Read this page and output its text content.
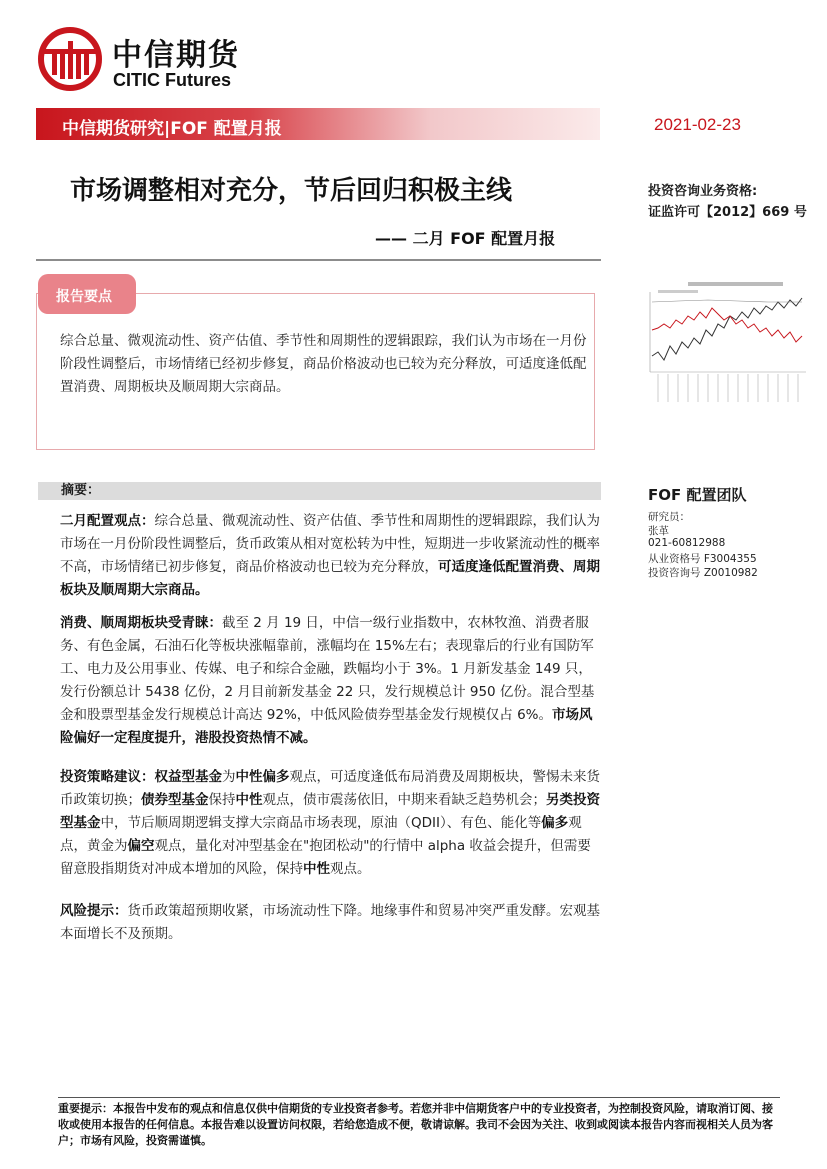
中信期货
CITIC Futures
中信期货研究|FOF 配置月报	2021-02-23
市场调整相对充分，节后回归积极主线
—— 二月 FOF 配置月报
投资咨询业务资格:
证监许可【2012】669 号
报告要点
综合总量、微观流动性、资产估值、季节性和周期性的逻辑跟踪，我们认为市场在一月份阶段性调整后，市场情绪已经初步修复，商品价格波动也已较为充分释放，可适度逢低配置消费、周期板块及顺周期大宗商品。
摘要：
二月配置观点：综合总量、微观流动性、资产估值、季节性和周期性的逻辑跟踪，我们认为市场在一月份阶段性调整后，货币政策从相对宽松转为中性，短期进一步收紧流动性的概率不高，市场情绪已初步修复，商品价格波动也已较为充分释放，可适度逢低配置消费、周期板块及顺周期大宗商品。
消费、顺周期板块受青睐：截至 2 月 19 日，中信一级行业指数中，农林牧渔、消费者服务、有色金属，石油石化等板块涨幅靠前，涨幅均在 15%左右；表现靠后的行业有国防军工、电力及公用事业、传媒、电子和综合金融，跌幅均小于 3%。1 月新发基金 149 只，发行份额总计 5438 亿份，2 月目前新发基金 22 只，发行规模总计 950 亿份。混合型基金和股票型基金发行规模总计高达 92%，中低风险债券型基金发行规模仅占 6%。市场风险偏好一定程度提升，港股投资热情不减。
投资策略建议：权益型基金为中性偏多观点，可适度逢低布局消费及周期板块，警惕未来货币政策切换；债券型基金保持中性观点，债市震荡依旧，中期来看缺乏趋势机会；另类投资型基金中，节后顺周期逻辑支撑大宗商品市场表现，原油（QDII）、有色、能化等偏多观点，黄金为偏空观点，量化对冲型基金在"抱团松动"的行情中 alpha 收益会提升，但需要留意股指期货对冲成本增加的风险，保持中性观点。
风险提示：货币政策超预期收紧，市场流动性下降。地缘事件和贸易冲突严重发酵。宏观基本面增长不及预期。
FOF 配置团队
研究员：
张革
021-60812988
从业资格号 F3004355
投资咨询号 Z0010982
重要提示：本报告中发布的观点和信息仅供中信期货的专业投资者参考。若您并非中信期货客户中的专业投资者，为控制投资风险，请取消订阅、接收或使用本报告的任何信息。本报告难以设置访问权限，若给您造成不便，敬请谅解。我司不会因为关注、收到或阅读本报告内容而视相关人员为客户；市场有风险，投资需谨慎。
